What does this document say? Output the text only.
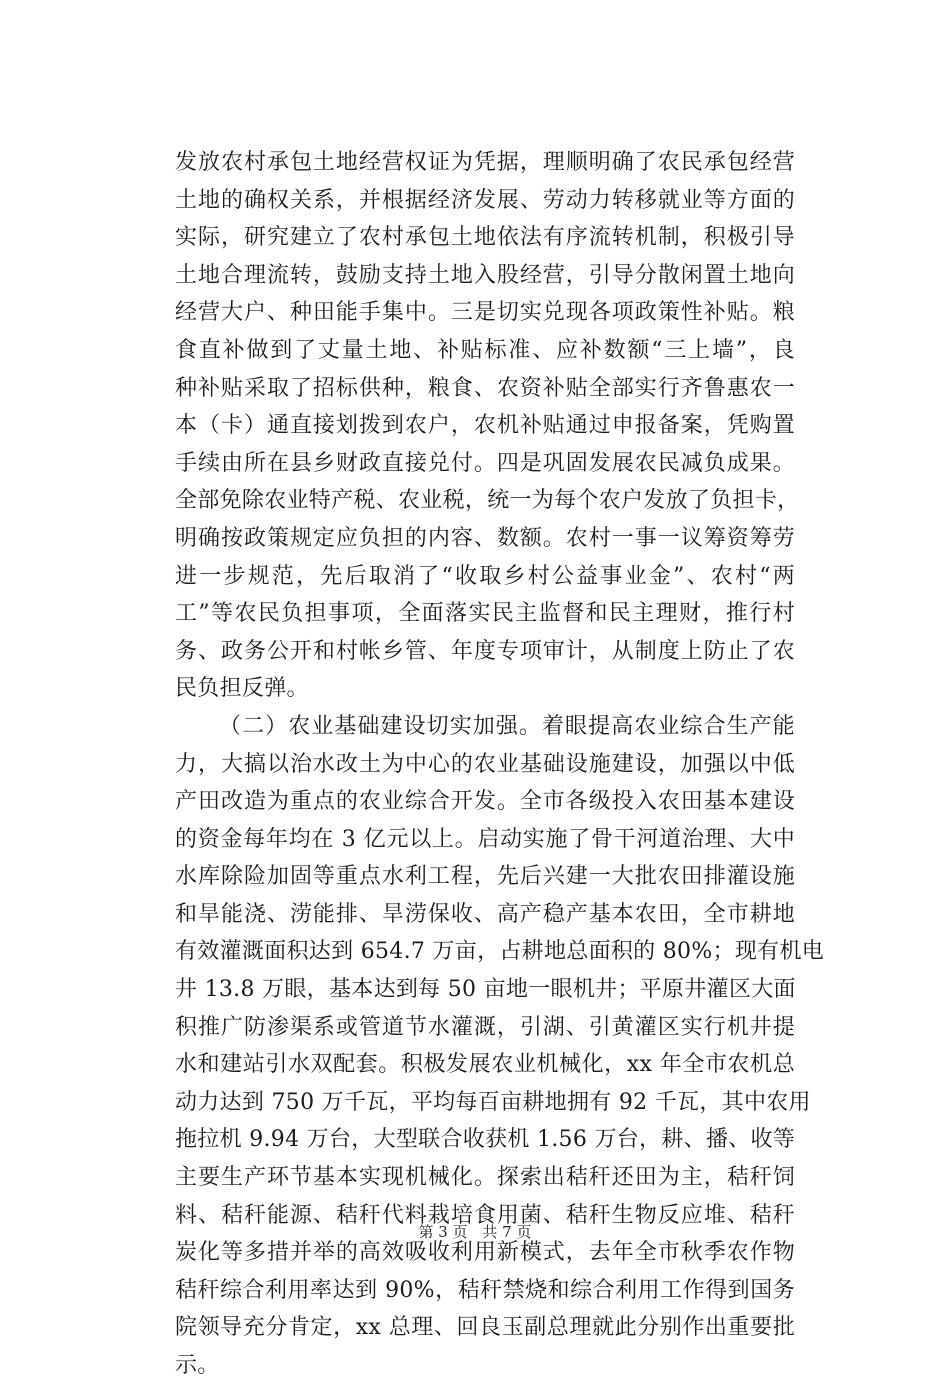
发放农村承包土地经营权证为凭据，理顺明确了农民承包经营
土地的确权关系，并根据经济发展、劳动力转移就业等方面的
实际，研究建立了农村承包土地依法有序流转机制，积极引导
土地合理流转，鼓励支持土地入股经营，引导分散闲置土地向
经营大户、种田能手集中。三是切实兑现各项政策性补贴。粮
食直补做到了丈量土地、补贴标准、应补数额“三上墙”，良
种补贴采取了招标供种，粮食、农资补贴全部实行齐鲁惠农一
本（卡）通直接划拨到农户，农机补贴通过申报备案，凭购置
手续由所在县乡财政直接兑付。四是巩固发展农民减负成果。
全部免除农业特产税、农业税，统一为每个农户发放了负担卡，
明确按政策规定应负担的内容、数额。农村一事一议筹资筹劳
进一步规范，先后取消了“收取乡村公益事业金”、农村“两
工”等农民负担事项，全面落实民主监督和民主理财，推行村
务、政务公开和村帐乡管、年度专项审计，从制度上防止了农
民负担反弹。
（二）农业基础建设切实加强。着眼提高农业综合生产能
力，大搞以治水改土为中心的农业基础设施建设，加强以中低
产田改造为重点的农业综合开发。全市各级投入农田基本建设
的资金每年均在 3 亿元以上。启动实施了骨干河道治理、大中
水库除险加固等重点水利工程，先后兴建一大批农田排灌设施
和旱能浇、涝能排、旱涝保收、高产稳产基本农田，全市耕地
有效灌溉面积达到 654.7 万亩，占耕地总面积的 80%；现有机电
井 13.8 万眼，基本达到每 50 亩地一眼机井；平原井灌区大面
积推广防渗渠系或管道节水灌溉，引湖、引黄灌区实行机井提
水和建站引水双配套。积极发展农业机械化，xx 年全市农机总
动力达到 750 万千瓦，平均每百亩耕地拥有 92 千瓦，其中农用
拖拉机 9.94 万台，大型联合收获机 1.56 万台，耕、播、收等
主要生产环节基本实现机械化。探索出秸秆还田为主，秸秆饲
料、秸秆能源、秸秆代料栽培食用菌、秸秆生物反应堆、秸秆
炭化等多措并举的高效吸收利用新模式，去年全市秋季农作物
秸秆综合利用率达到 90%，秸秆禁烧和综合利用工作得到国务
院领导充分肯定，xx 总理、回良玉副总理就此分别作出重要批
示。
第 3 页 共 7 页
